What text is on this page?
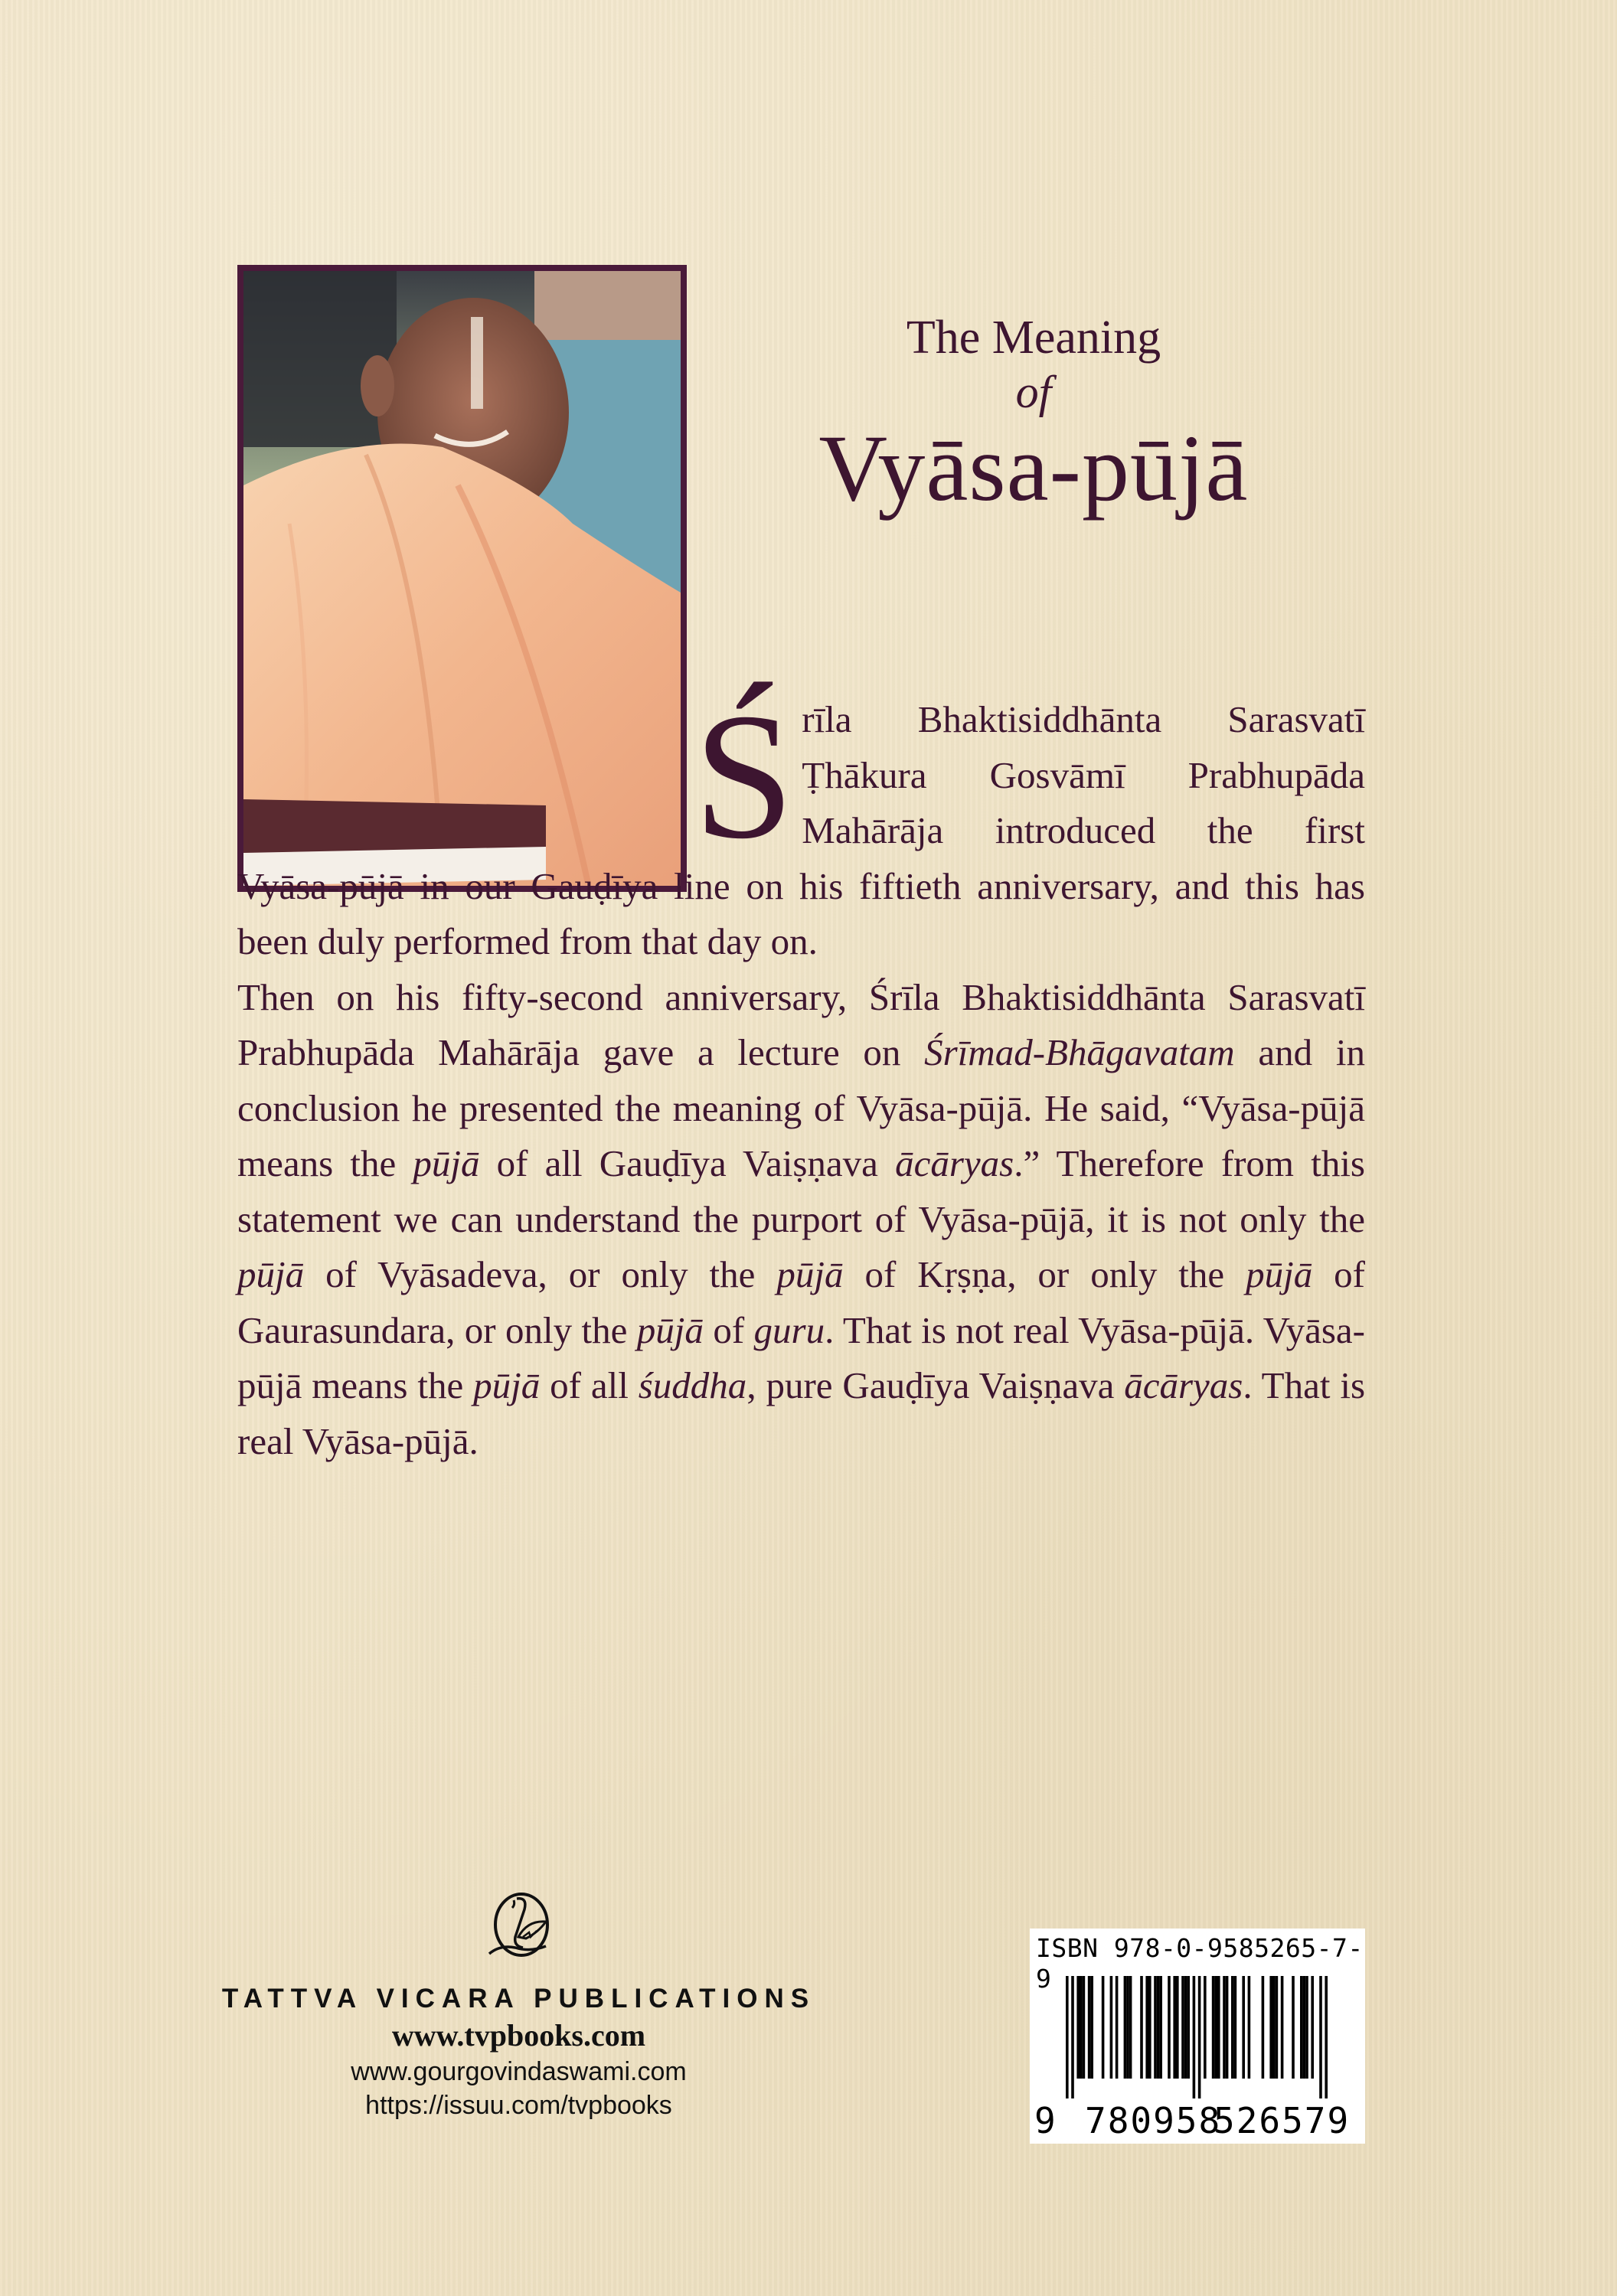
The Meaning
of
Vyāsa-pūjā

Ś rīla Bhaktisiddhānta Sarasvatī
Ṭhākura Gosvāmī Prabhupāda
Mahārāja introduced the first
Vyāsa-pūjā in our Gauḍīya line on his fiftieth anniversary, and this has been duly performed from that day on.

Then on his fifty-second anniversary, Śrīla Bhaktisiddhānta Sarasvatī Prabhupāda Mahārāja gave a lecture on Śrīmad-Bhāgavatam and in conclusion he presented the meaning of Vyāsa-pūjā. He said, “Vyāsa-pūjā means the pūjā of all Gauḍīya Vaiṣṇava ācāryas.” Therefore from this statement we can understand the purport of Vyāsa-pūjā, it is not only the pūjā of Vyāsadeva, or only the pūjā of Kṛṣṇa, or only the pūjā of Gaurasundara, or only the pūjā of guru. That is not real Vyāsa-pūjā. Vyāsa-pūjā means the pūjā of all śuddha, pure Gauḍīya Vaiṣṇava ācāryas. That is real Vyāsa-pūjā.

TATTVA VICARA PUBLICATIONS
www.tvpbooks.com
www.gourgovindaswami.com
https://issuu.com/tvpbooks
ISBN 978-0-9585265-7-9
9 780958
526579
